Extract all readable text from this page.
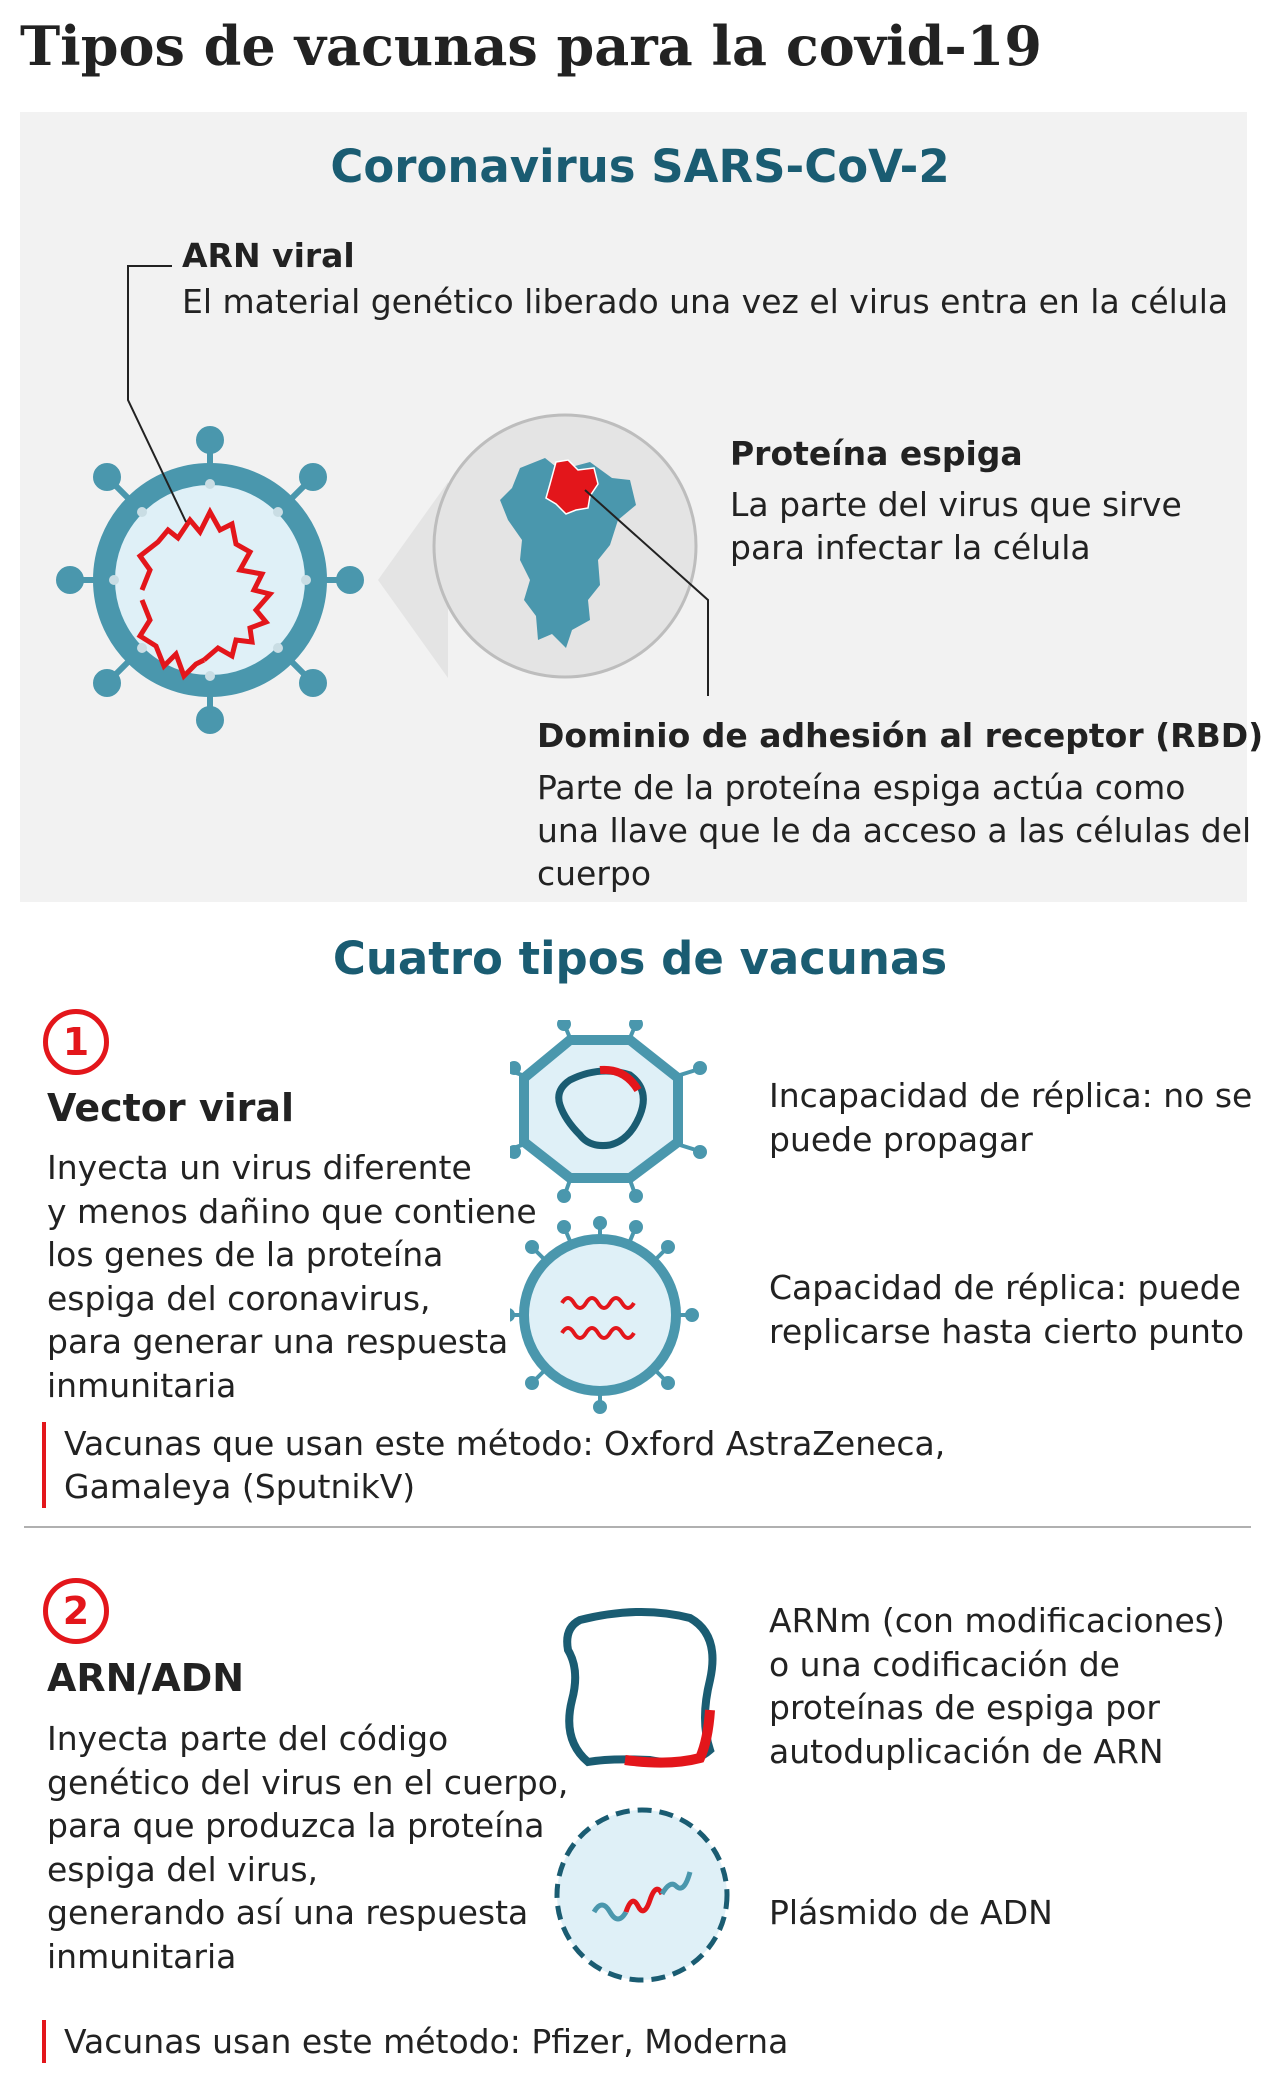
Tipos de vacunas para la covid-19
Coronavirus SARS-CoV-2
ARN viral
El material genético liberado una vez el virus entra en la célula
Proteína espiga
La parte del virus que sirve
para infectar la célula
Dominio de adhesión al receptor (RBD)
Parte de la proteína espiga actúa como
una llave que le da acceso a las células del
cuerpo
Cuatro tipos de vacunas
1
Vector viral
Inyecta un virus diferente
y menos dañino que contiene
los genes de la proteína
espiga del coronavirus,
para generar una respuesta
inmunitaria
Incapacidad de réplica: no se
puede propagar
Capacidad de réplica: puede
replicarse hasta cierto punto
Vacunas que usan este método: Oxford AstraZeneca,
Gamaleya (SputnikV)
2
ARN/ADN
Inyecta parte del código
genético del virus en el cuerpo,
para que produzca la proteína
espiga del virus,
generando así una respuesta
inmunitaria
ARNm (con modificaciones)
o una codificación de
proteínas de espiga por
autoduplicación de ARN
Plásmido de ADN
Vacunas usan este método: Pfizer, Moderna
